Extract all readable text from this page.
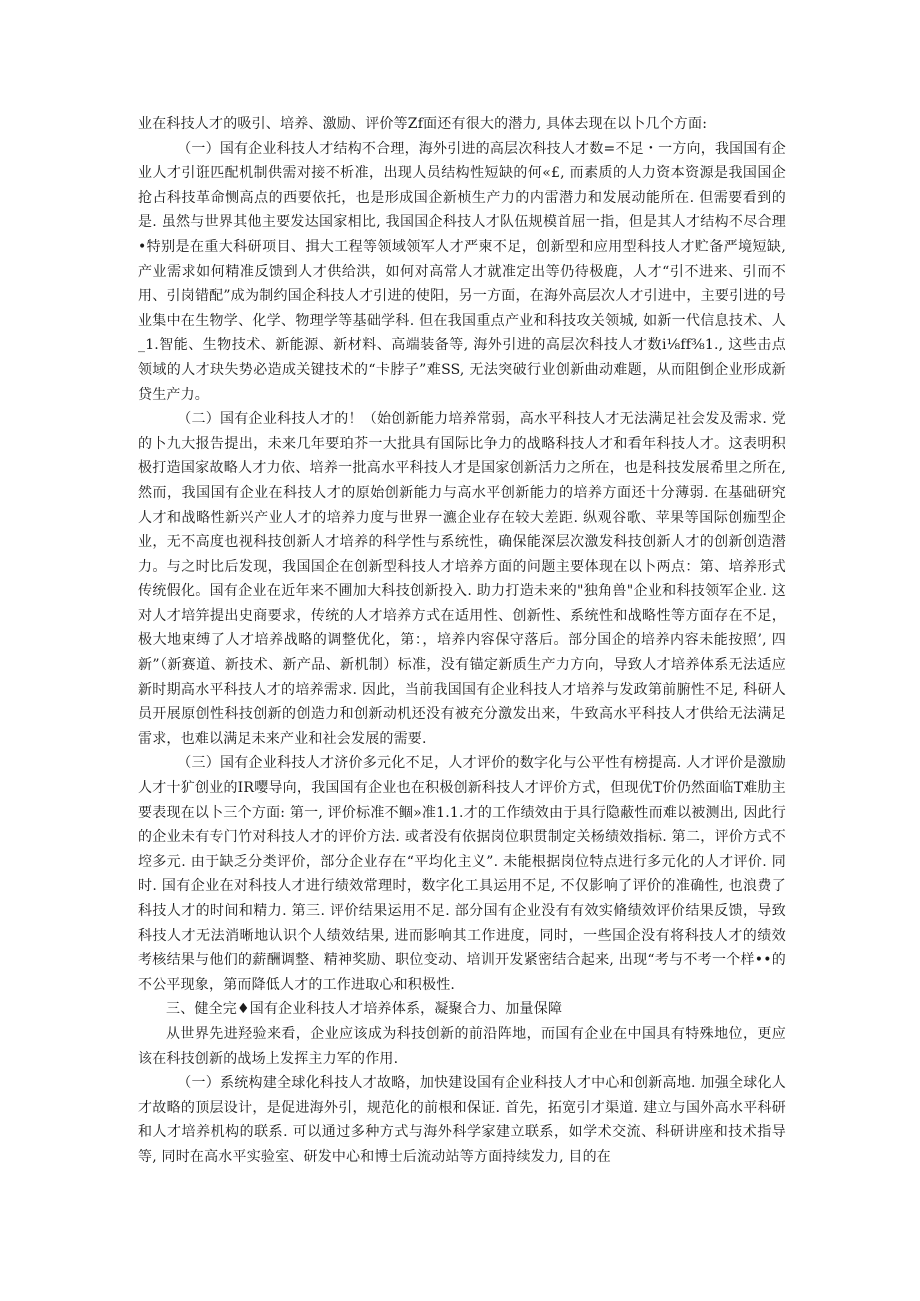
业在科技人才的吸引、培养、激励、评价等Zf面还有很大的潜力, 具体去现在以卜几个方面:

（一）国有企业科技人才结构不合理，海外引进的高层次科技人才数=不足・一方向，我国国有企业人才引诳匹配机制供需对接不析准，出现人员结构性短缺的何«£, 而素质的人力资本资源是我国国企抢占科技革命恻高点的西要依托，也是形成国企新桢生产力的内雷潜力和发展动能所在. 但需要看到的是. 虽然与世界其他主要发达国家相比, 我国国企科技人才队伍规模首屈一指，但是其人才结构不尽合理•特别是在重大科研项目、揖大工程等领域领军人才严柬不足，创新型和应用型科技人才贮备严境短缺, 产业需求如何精准反馈到人才供给洪，如何对高常人才就准定出等仍待极鹿，人才“引不进来、引而不用、引岗错配”成为制约国企科技人才引进的使阳，另一方面，在海外高层次人才引进中，主要引进的号业集中在生物学、化学、物理学等基础学科. 但在我国重点产业和科技攻关领城, 如新一代信息技术、人_1.智能、生物技术、新能源、新材料、高端装备等, 海外引进的高层次科技人才数i⅛ff⅜1., 这些击点领域的人才玦失势必造成关键技术的“卡脖子”难SS, 无法突破行业创新曲动难题，从而阻倒企业形成新贷生产力。

（二）国有企业科技人才的！（始创新能力培养常弱，高水平科技人才无法满足社会发及需求. 党的卜九大报告提出，未来几年要珀芥一大批具有国际比争力的战略科技人才和看年科技人才。这表明积极打造国家故略人才力依、培养一批高水平科技人才是国家创新活力之所在，也是科技发展希里之所在, 然而，我国国有企业在科技人才的原始创新能力与高水平创新能力的培养方面还十分薄弱. 在基础研究人才和战略性新兴产业人才的培养力度与世界一瀌企业存在较大差距. 纵观谷歌、苹果等国际创痂型企业，无不高度也视科技创新人才培养的科学性与系统性，确保能深层次激发科技创新人才的创新创造潜力。与之时比后发现，我国国企在创新型科技人才培养方面的问题主要体现在以卜两点：第、培养形式传统假化。国有企业在近年来不圃加大科技创新投入. 助力打造未来的"独角兽"企业和科技领军企业. 这对人才培笄提出史商要求，传统的人才培养方式在适用性、创新性、系统性和战略性等方面存在不足，极大地束缚了人才培养战略的调整优化，第：，培养内容保守落后。部分国企的培养内容未能按照’, 四新”（新赛道、新技术、新产品、新机制）标准，没有锚定新质生产力方向，导致人才培养体系无法适应新时期高水平科技人才的培养需求. 因此，当前我国国有企业科技人才培养与发政第前腑性不足, 科研人员开展原创性科技创新的创造力和创新动机还没有被充分激发出来，牛致高水平科技人才供给无法满足雷求，也难以满足未来产业和社会发展的需要.

（三）国有企业科技人才济价多元化不足，人才评价的数字化与公平性有榜提高. 人才评价是激励人才十犷创业的IR嘤导向，我国国有企业也在积极创新科技人才评价方式，但现优T价仍然面临T难肋主要表现在以卜三个方面: 第一, 评价标准不鲴»准1.1.才的工作绩效由于具行隐蔽性而难以被测出, 因此行的企业未有专门竹对科技人才的评价方法. 或者没有依据岗位职贯制定关杨绩效指标. 第二，评价方式不埪多元. 由于缺乏分类评价，部分企业存在“平均化主义”. 未能根据岗位特点进行多元化的人才评价. 同时. 国有企业在对科技人才进行绩效常理时，数字化工具运用不足, 不仅影响了评价的准确性, 也浪费了科技人才的时间和精力. 第三. 评价结果运用不足. 部分国有企业没有有效实脩绩效评价结果反馈，导致科技人才无法消晰地认识个人绩效结果, 进而影响其工作进度，同时，一些国企没有将科技人才的绩效考核结果与他们的薪酬调整、精神奖励、职位变动、培训开发紧密结合起来, 出现“考与不考一个样••的不公平现象，第而降低人才的工作进取心和积极性.

三、健全完♦国有企业科技人才培养体系，凝聚合力、加量保障

从世界先进羟验来看，企业应该成为科技创新的前沿阵地，而国有企业在中国具有特殊地位，更应该在科技创新的战场上发挥主力军的作用.

（一）系统构建全球化科技人才故略，加快建设国有企业科技人才中心和创新高地. 加强全球化人才故略的顶层设计，是促进海外引，规范化的前根和保证. 首先，拓宽引才渠道. 建立与国外高水平科研和人才培养机构的联系. 可以通过多种方式与海外科学家建立联系，如学术交流、科研讲座和技术指导等, 同时在高水平实验室、研发中心和博士后流动站等方面持续发力, 目的在
